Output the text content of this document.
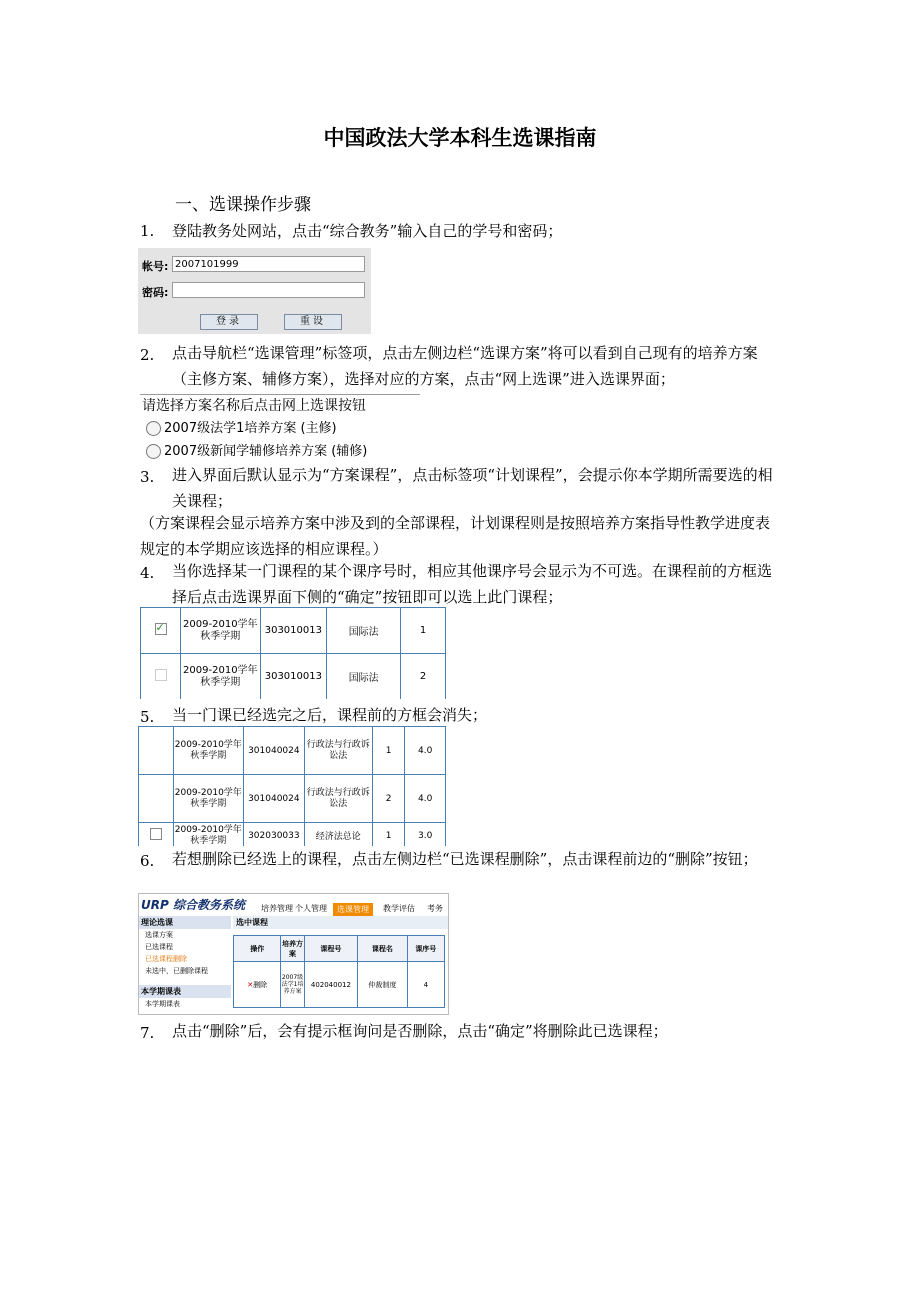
中国政法大学本科生选课指南
一、选课操作步骤
1. 登陆教务处网站，点击“综合教务”输入自己的学号和密码；
帐号: 2007101999
密码:
登录	重设
2. 点击导航栏“选课管理”标签项，点击左侧边栏“选课方案”将可以看到自己现有的培养方案（主修方案、辅修方案），选择对应的方案，点击“网上选课”进入选课界面；
请选择方案名称后点击网上选课按钮
2007级法学1培养方案 (主修)
2007级新闻学辅修培养方案 (辅修)
3. 进入界面后默认显示为“方案课程”，点击标签项“计划课程”，会提示你本学期所需要选的相关课程；
（方案课程会显示培养方案中涉及到的全部课程，计划课程则是按照培养方案指导性教学进度表规定的本学期应该选择的相应课程。）
4. 当你选择某一门课程的某个课序号时，相应其他课序号会显示为不可选。在课程前的方框选择后点击选课界面下侧的“确定”按钮即可以选上此门课程；
✓	2009-2010学年秋季学期	303010013	国际法	1
	2009-2010学年秋季学期	303010013	国际法	2
5. 当一门课已经选完之后，课程前的方框会消失；
	2009-2010学年秋季学期	301040024	行政法与行政诉讼法	1	4.0
	2009-2010学年秋季学期	301040024	行政法与行政诉讼法	2	4.0
	2009-2010学年秋季学期	302030033	经济法总论	1	3.0
6. 若想删除已经选上的课程，点击左侧边栏“已选课程删除”，点击课程前边的“删除”按钮；
URP 综合教务系统 培养管理 个人管理	选课管理	教学评估 考务
理论选课
选课方案
已选课程
已选课程删除
未选中，已删除课程
本学期课表
本学期课表
选中课程
操作	培养方案	课程号	课程名	课序号
✕删除	2007级法学1培养方案	402040012	仲裁制度	4
7. 点击“删除”后，会有提示框询问是否删除，点击“确定”将删除此已选课程；
